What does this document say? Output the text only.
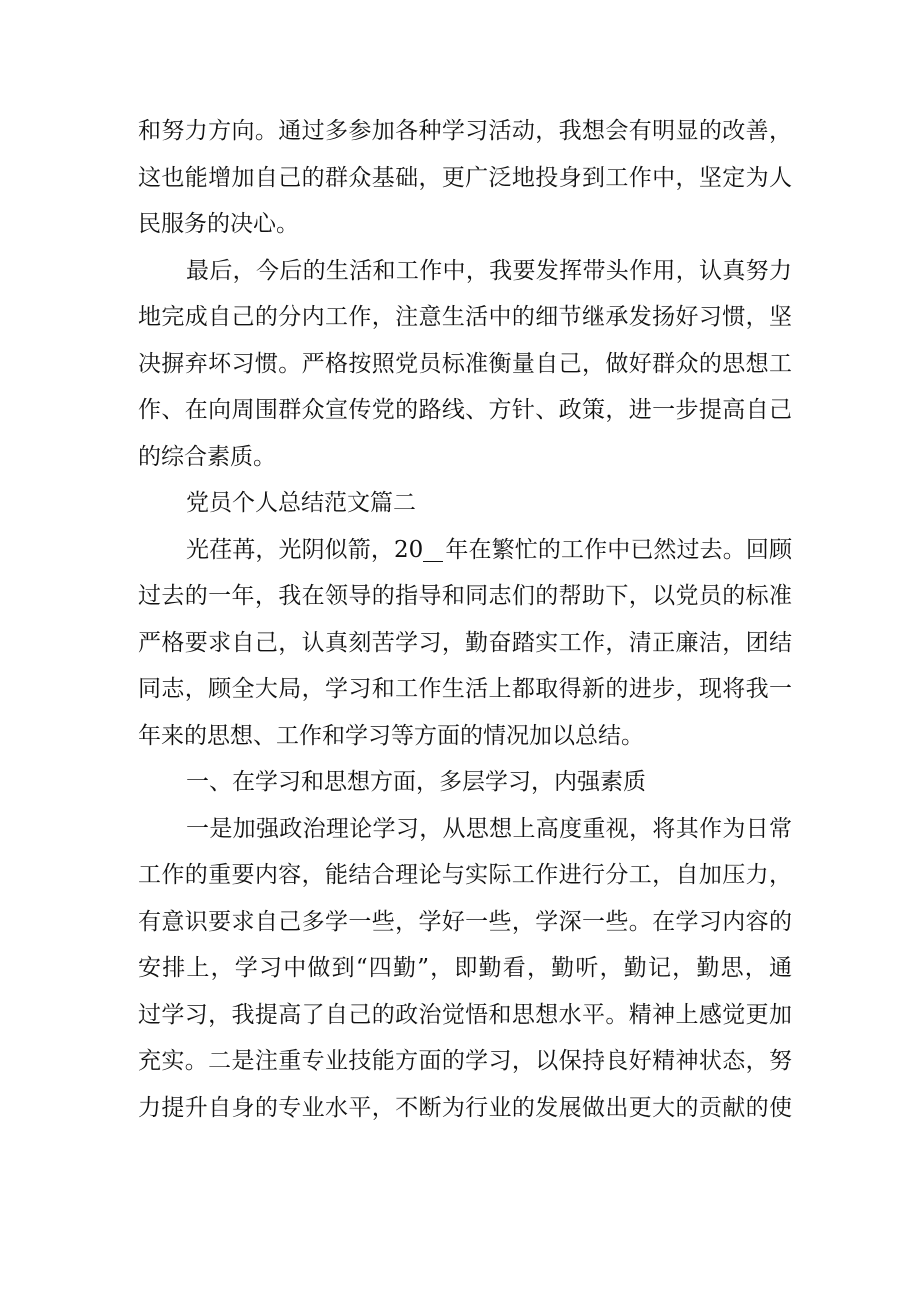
和努力方向。通过多参加各种学习活动，我想会有明显的改善，
这也能增加自己的群众基础，更广泛地投身到工作中，坚定为人
民服务的决心。
最后，今后的生活和工作中，我要发挥带头作用，认真努力
地完成自己的分内工作，注意生活中的细节继承发扬好习惯，坚
决摒弃坏习惯。严格按照党员标准衡量自己，做好群众的思想工
作、在向周围群众宣传党的路线、方针、政策，进一步提高自己
的综合素质。
党员个人总结范文篇二
光荏苒，光阴似箭，20 年在繁忙的工作中已然过去。回顾
过去的一年，我在领导的指导和同志们的帮助下，以党员的标准
严格要求自己，认真刻苦学习，勤奋踏实工作，清正廉洁，团结
同志，顾全大局，学习和工作生活上都取得新的进步，现将我一
年来的思想、工作和学习等方面的情况加以总结。
一、在学习和思想方面，多层学习，内强素质
一是加强政治理论学习，从思想上高度重视，将其作为日常
工作的重要内容，能结合理论与实际工作进行分工，自加压力，
有意识要求自己多学一些，学好一些，学深一些。在学习内容的
安排上，学习中做到“四勤”，即勤看，勤听，勤记，勤思，通
过学习，我提高了自己的政治觉悟和思想水平。精神上感觉更加
充实。二是注重专业技能方面的学习，以保持良好精神状态，努
力提升自身的专业水平，不断为行业的发展做出更大的贡献的使
